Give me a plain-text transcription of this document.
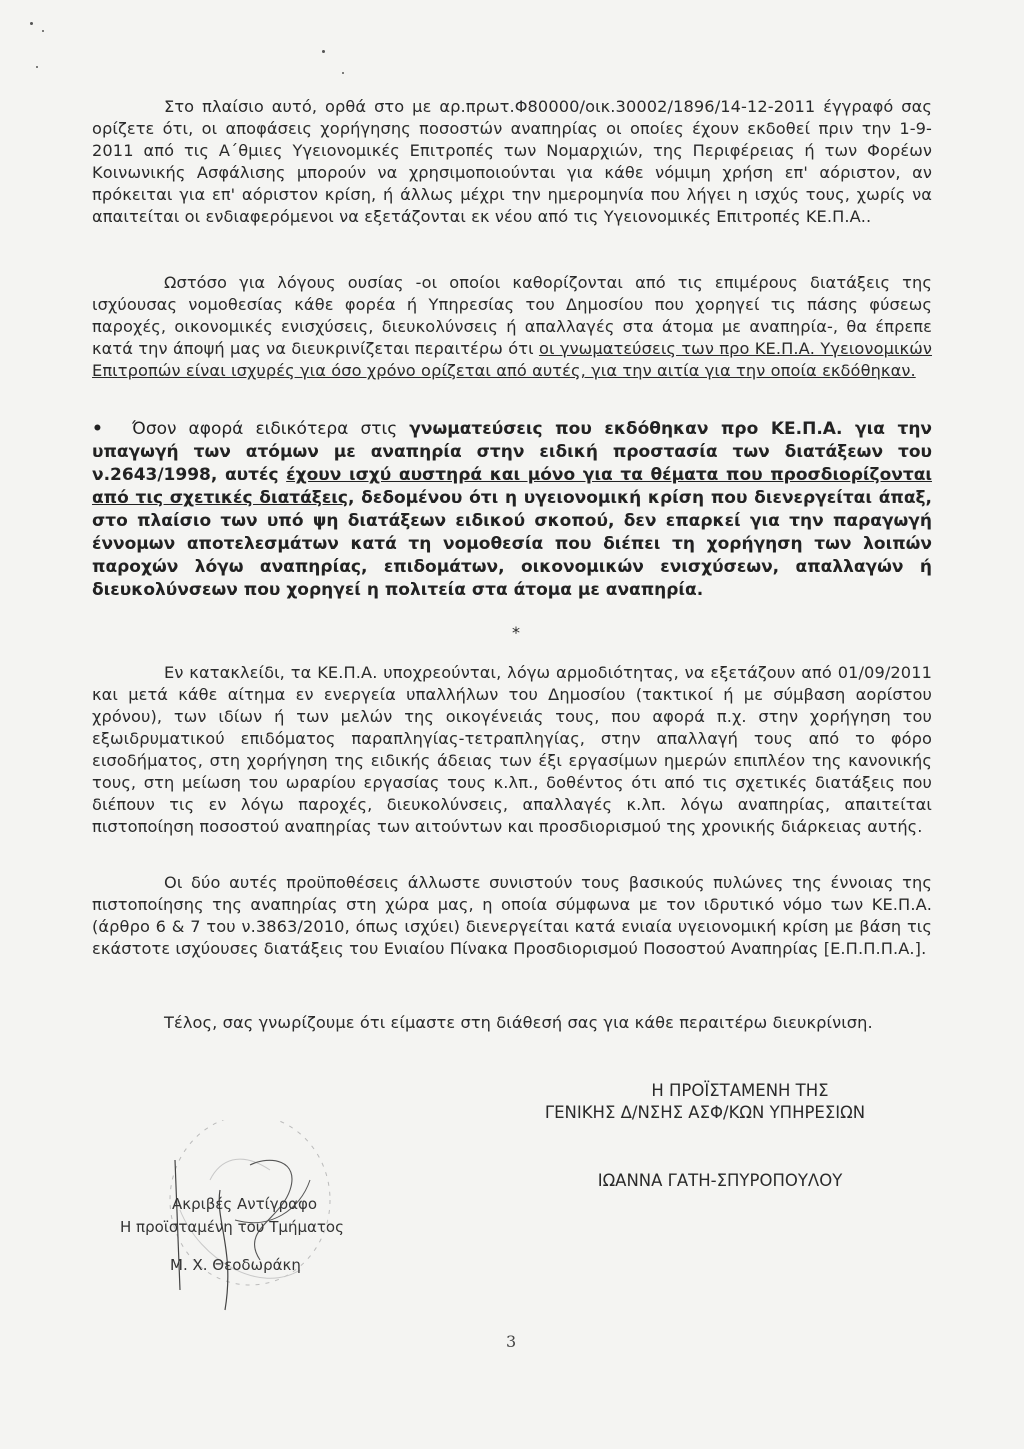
Στο πλαίσιο αυτό, ορθά στο με αρ.πρωτ.Φ80000/οικ.30002/1896/14-12-2011 έγγραφό σας ορίζετε ότι, οι αποφάσεις χορήγησης ποσοστών αναπηρίας οι οποίες έχουν εκδοθεί πριν την 1-9-2011 από τις Α΄θμιες Υγειονομικές Επιτροπές των Νομαρχιών, της Περιφέρειας ή των Φορέων Κοινωνικής Ασφάλισης μπορούν να χρησιμοποιούνται για κάθε νόμιμη χρήση επ' αόριστον, αν πρόκειται για επ' αόριστον κρίση, ή άλλως μέχρι την ημερομηνία που λήγει η ισχύς τους, χωρίς να απαιτείται οι ενδιαφερόμενοι να εξετάζονται εκ νέου από τις Υγειονομικές Επιτροπές ΚΕ.Π.Α..

Ωστόσο για λόγους ουσίας -οι οποίοι καθορίζονται από τις επιμέρους διατάξεις της ισχύουσας νομοθεσίας κάθε φορέα ή Υπηρεσίας του Δημοσίου που χορηγεί τις πάσης φύσεως παροχές, οικονομικές ενισχύσεις, διευκολύνσεις ή απαλλαγές στα άτομα με αναπηρία-, θα έπρεπε κατά την άποψή μας να διευκρινίζεται περαιτέρω ότι οι γνωματεύσεις των προ ΚΕ.Π.Α. Υγειονομικών Επιτροπών είναι ισχυρές για όσο χρόνο ορίζεται από αυτές, για την αιτία για την οποία εκδόθηκαν.

• Όσον αφορά ειδικότερα στις γνωματεύσεις που εκδόθηκαν προ ΚΕ.Π.Α. για την υπαγωγή των ατόμων με αναπηρία στην ειδική προστασία των διατάξεων του ν.2643/1998, αυτές έχουν ισχύ αυστηρά και μόνο για τα θέματα που προσδιορίζονται από τις σχετικές διατάξεις, δεδομένου ότι η υγειονομική κρίση που διενεργείται άπαξ, στο πλαίσιο των υπό ψη διατάξεων ειδικού σκοπού, δεν επαρκεί για την παραγωγή έννομων αποτελεσμάτων κατά τη νομοθεσία που διέπει τη χορήγηση των λοιπών παροχών λόγω αναπηρίας, επιδομάτων, οικονομικών ενισχύσεων, απαλλαγών ή διευκολύνσεων που χορηγεί η πολιτεία στα άτομα με αναπηρία.

*

Εν κατακλείδι, τα ΚΕ.Π.Α. υποχρεούνται, λόγω αρμοδιότητας, να εξετάζουν από 01/09/2011 και μετά κάθε αίτημα εν ενεργεία υπαλλήλων του Δημοσίου (τακτικοί ή με σύμβαση αορίστου χρόνου), των ιδίων ή των μελών της οικογένειάς τους, που αφορά π.χ. στην χορήγηση του εξωιδρυματικού επιδόματος παραπληγίας-τετραπληγίας, στην απαλλαγή τους από το φόρο εισοδήματος, στη χορήγηση της ειδικής άδειας των έξι εργασίμων ημερών επιπλέον της κανονικής τους, στη μείωση του ωραρίου εργασίας τους κ.λπ., δοθέντος ότι από τις σχετικές διατάξεις που διέπουν τις εν λόγω παροχές, διευκολύνσεις, απαλλαγές κ.λπ. λόγω αναπηρίας, απαιτείται πιστοποίηση ποσοστού αναπηρίας των αιτούντων και προσδιορισμού της χρονικής διάρκειας αυτής.

Οι δύο αυτές προϋποθέσεις άλλωστε συνιστούν τους βασικούς πυλώνες της έννοιας της πιστοποίησης της αναπηρίας στη χώρα μας, η οποία σύμφωνα με τον ιδρυτικό νόμο των ΚΕ.Π.Α. (άρθρο 6 & 7 του ν.3863/2010, όπως ισχύει) διενεργείται κατά ενιαία υγειονομική κρίση με βάση τις εκάστοτε ισχύουσες διατάξεις του Ενιαίου Πίνακα Προσδιορισμού Ποσοστού Αναπηρίας [Ε.Π.Π.Π.Α.].

Τέλος, σας γνωρίζουμε ότι είμαστε στη διάθεσή σας για κάθε περαιτέρω διευκρίνιση.

Η ΠΡΟΪΣΤΑΜΕΝΗ ΤΗΣ
ΓΕΝΙΚΗΣ Δ/ΝΣΗΣ ΑΣΦ/ΚΩΝ ΥΠΗΡΕΣΙΩΝ
ΙΩΑΝΝΑ ΓΑΤΗ-ΣΠΥΡΟΠΟΥΛΟΥ
Ακριβές Αντίγραφο
Η προϊσταμένη του Τμήματος
Μ. Χ. Θεοδωράκη
3
